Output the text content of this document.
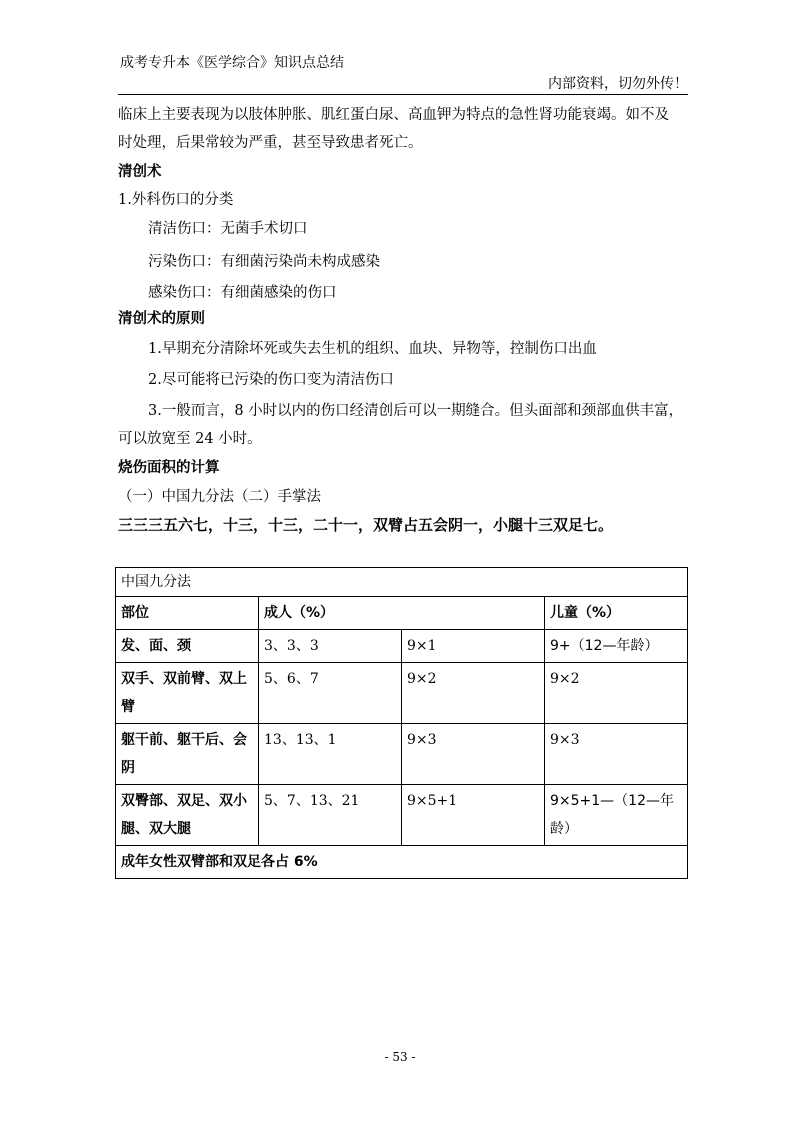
成考专升本《医学综合》知识点总结
内部资料，切勿外传！
临床上主要表现为以肢体肿胀、肌红蛋白尿、高血钾为特点的急性肾功能衰竭。如不及
时处理，后果常较为严重，甚至导致患者死亡。
清创术
1.外科伤口的分类
清洁伤口：无菌手术切口
污染伤口：有细菌污染尚未构成感染
感染伤口：有细菌感染的伤口
清创术的原则
1.早期充分清除坏死或失去生机的组织、血块、异物等，控制伤口出血
2.尽可能将已污染的伤口变为清洁伤口
3.一般而言，8 小时以内的伤口经清创后可以一期缝合。但头面部和颈部血供丰富，
可以放宽至 24 小时。
烧伤面积的计算
（一）中国九分法（二）手掌法
三三三五六七，十三，十三，二十一，双臂占五会阴一，小腿十三双足七。
中国九分法			
部位	成人（%）		儿童（%）
发、面、颈	3、3、3	9×1	9+（12—年龄）
双手、双前臂、双上臂	5、6、7	9×2	9×2
躯干前、躯干后、会阴	13、13、1	9×3	9×3
双臀部、双足、双小腿、双大腿	5、7、13、21	9×5+1	9×5+1—（12—年龄）
成年女性双臂部和双足各占 6%			
- 53 -
